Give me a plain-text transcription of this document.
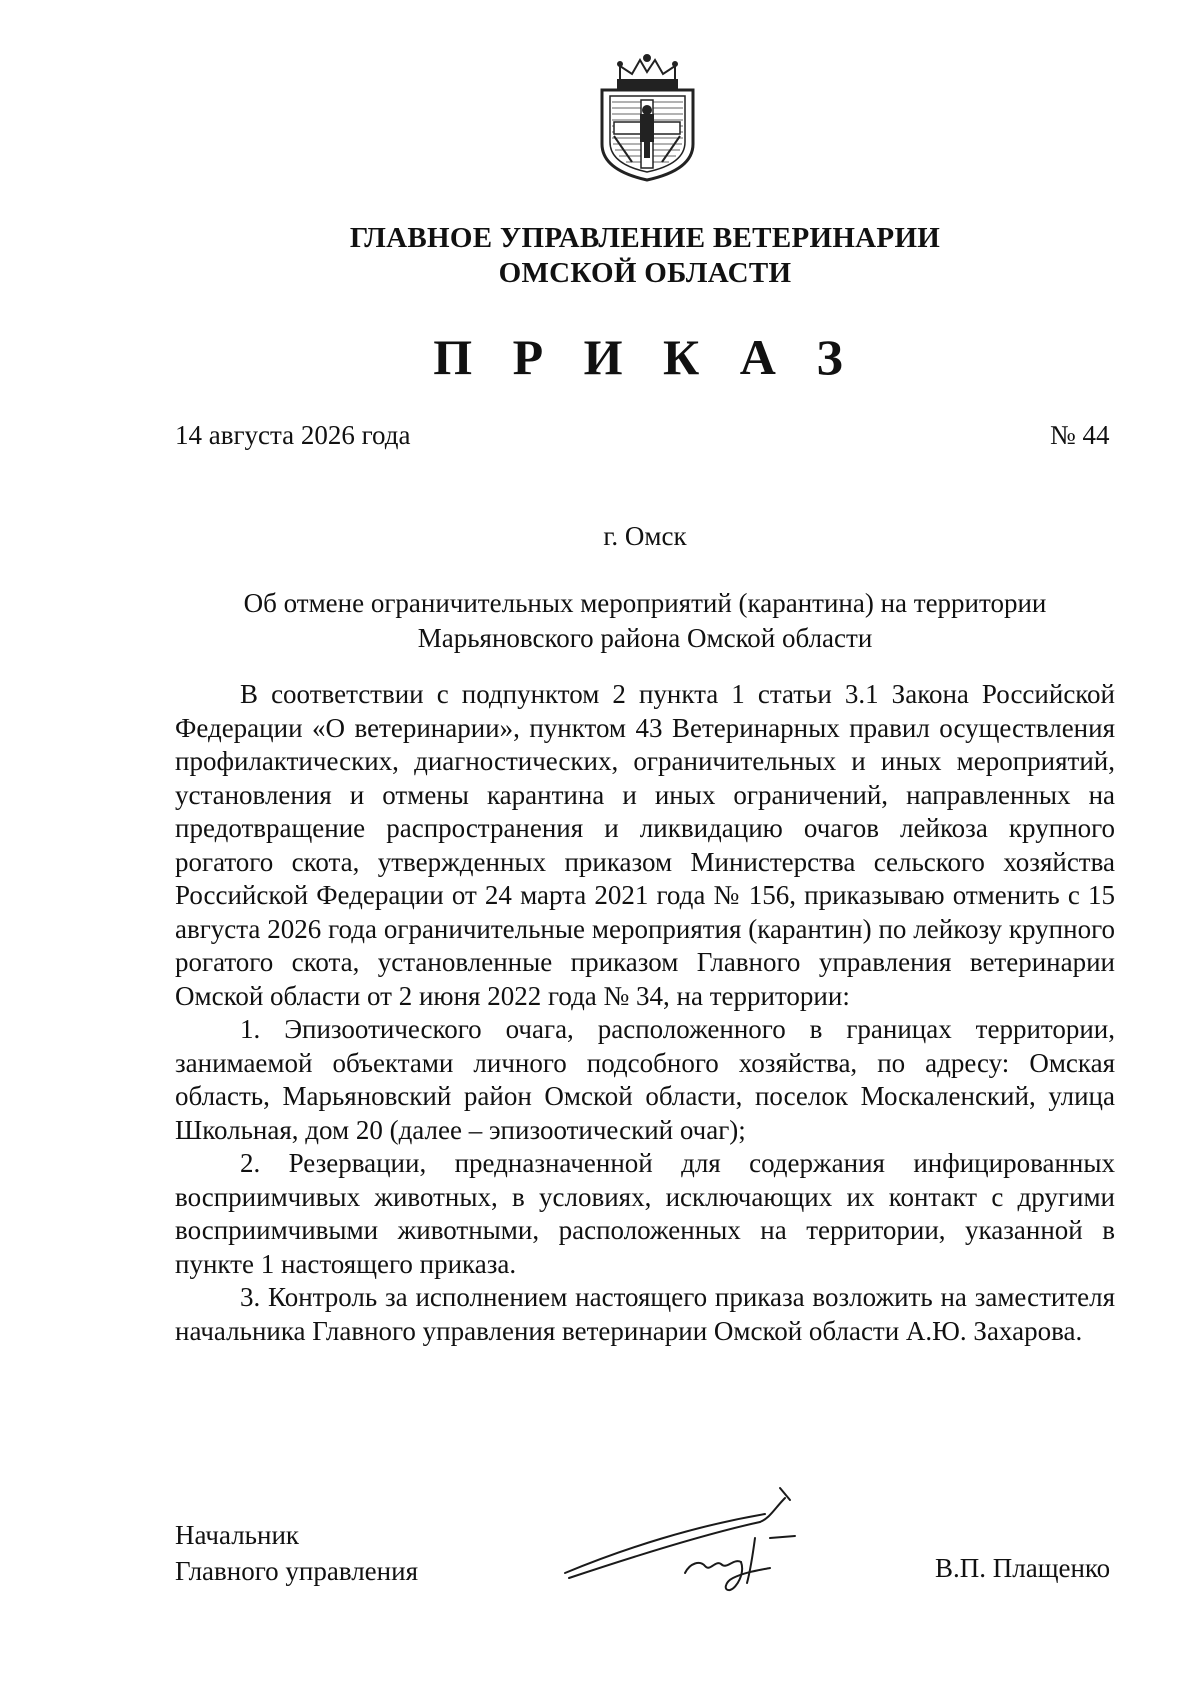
ГЛАВНОЕ УПРАВЛЕНИЕ ВЕТЕРИНАРИИ
ОМСКОЙ ОБЛАСТИ
П Р И К А З
14 августа 2026 года	№ 44
г. Омск
Об отмене ограничительных мероприятий (карантина) на территории Марьяновского района Омской области

В соответствии с подпунктом 2 пункта 1 статьи 3.1 Закона Российской Федерации «О ветеринарии», пунктом 43 Ветеринарных правил осуществления профилактических, диагностических, ограничительных и иных мероприятий, установления и отмены карантина и иных ограничений, направленных на предотвращение распространения и ликвидацию очагов лейкоза крупного рогатого скота, утвержденных приказом Министерства сельского хозяйства Российской Федерации от 24 марта 2021 года № 156, приказываю отменить с 15 августа 2026 года ограничительные мероприятия (карантин) по лейкозу крупного рогатого скота, установленные приказом Главного управления ветеринарии Омской области от 2 июня 2022 года № 34, на территории:

1. Эпизоотического очага, расположенного в границах территории, занимаемой объектами личного подсобного хозяйства, по адресу: Омская область, Марьяновский район Омской области, поселок Москаленский, улица Школьная, дом 20 (далее – эпизоотический очаг);

2. Резервации, предназначенной для содержания инфицированных восприимчивых животных, в условиях, исключающих их контакт с другими восприимчивыми животными, расположенных на территории, указанной в пункте 1 настоящего приказа.

3. Контроль за исполнением настоящего приказа возложить на заместителя начальника Главного управления ветеринарии Омской области А.Ю. Захарова.

Начальник
Главного управления	В.П. Плащенко
